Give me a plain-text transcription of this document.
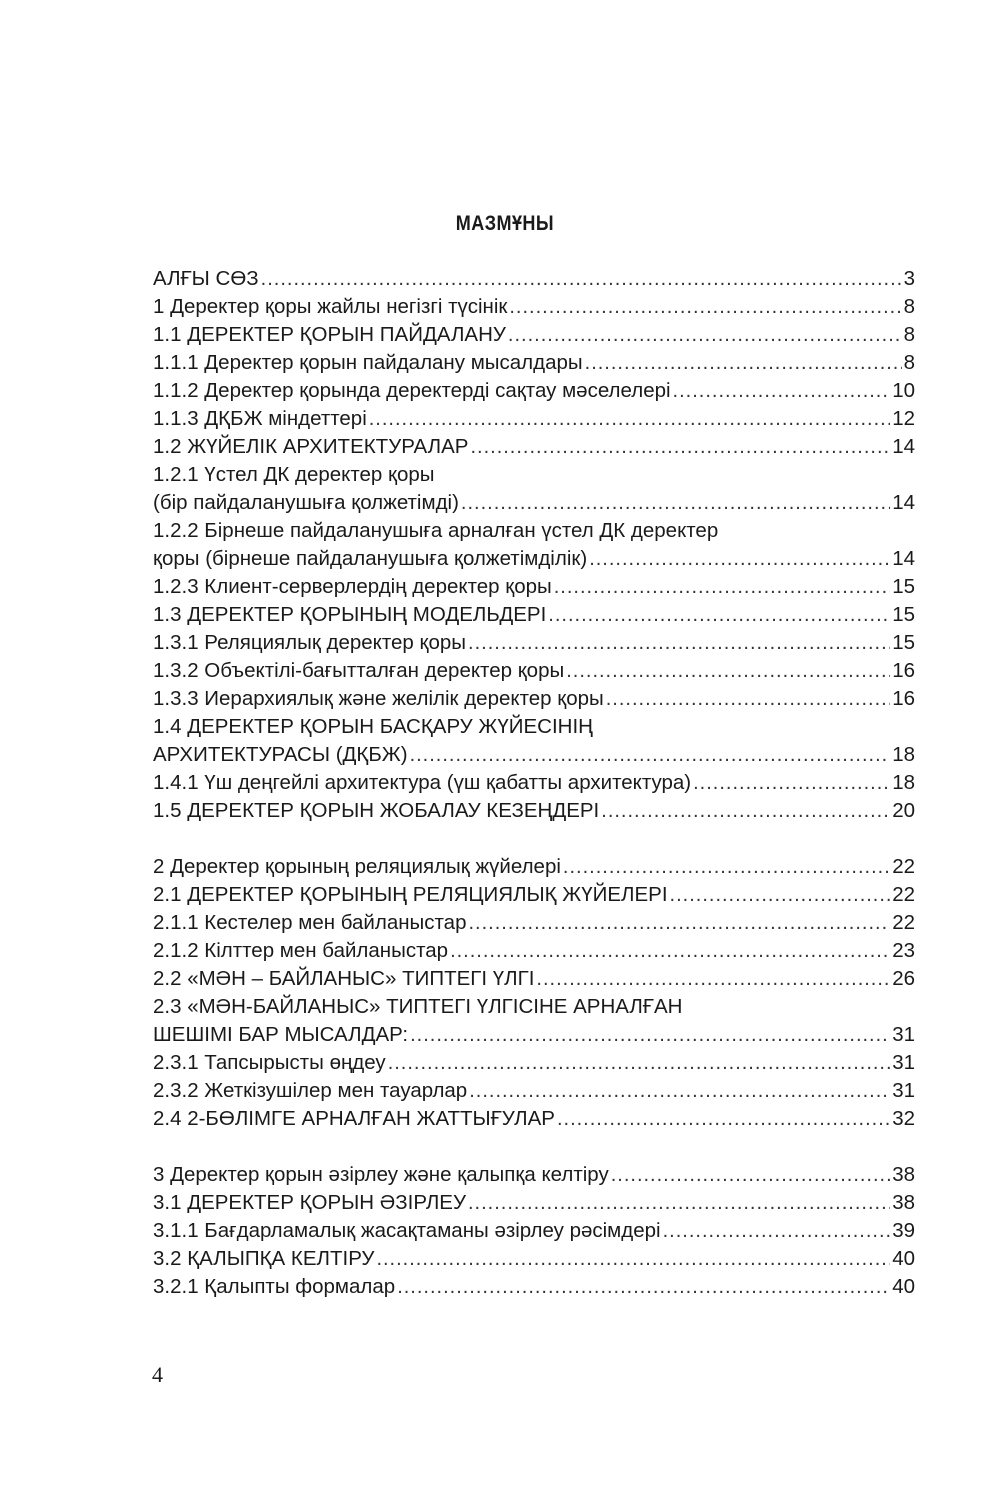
МАЗМҰНЫ
АЛҒЫ СӨЗ .....	3
1 Деректер қоры жайлы негізгі түсінік .....	8
1.1 ДЕРЕКТЕР ҚОРЫН ПАЙДАЛАНУ .....	8
1.1.1 Деректер қорын пайдалану мысалдары .....	8
1.1.2 Деректер қорында деректерді сақтау мәселелері .....	10
1.1.3 ДҚБЖ міндеттері .....	12
1.2 ЖҮЙЕЛІК АРХИТЕКТУРАЛАР .....	14
1.2.1 Үстел ДК деректер қоры
(бір пайдаланушыға қолжетімді) .....	14
1.2.2 Бірнеше пайдаланушыға арналған үстел ДК деректер
қоры (бірнеше пайдаланушыға қолжетімділік) .....	14
1.2.3 Клиент-серверлердің деректер қоры .....	15
1.3 ДЕРЕКТЕР ҚОРЫНЫҢ МОДЕЛЬДЕРІ .....	15
1.3.1 Реляциялық деректер қоры .....	15
1.3.2 Объектілі-бағытталған деректер қоры .....	16
1.3.3 Иерархиялық және желілік деректер қоры .....	16
1.4 ДЕРЕКТЕР ҚОРЫН БАСҚАРУ ЖҮЙЕСІНІҢ
АРХИТЕКТУРАСЫ (ДҚБЖ) .....	18
1.4.1 Үш деңгейлі архитектура (үш қабатты архитектура) .....	18
1.5 ДЕРЕКТЕР ҚОРЫН ЖОБАЛАУ КЕЗЕҢДЕРІ .....	20
2 Деректер қорының реляциялық жүйелері .....	22
2.1 ДЕРЕКТЕР ҚОРЫНЫҢ РЕЛЯЦИЯЛЫҚ ЖҮЙЕЛЕРІ .....	22
2.1.1 Кестелер мен байланыстар .....	22
2.1.2 Кілттер мен байланыстар .....	23
2.2 «МӘН – БАЙЛАНЫС» ТИПТЕГІ ҮЛГІ .....	26
2.3 «МӘН-БАЙЛАНЫС» ТИПТЕГІ ҮЛГІСІНЕ АРНАЛҒАН
ШЕШІМІ БАР МЫСАЛДАР: .....	31
2.3.1 Тапсырысты өңдеу .....	31
2.3.2 Жеткізушілер мен тауарлар .....	31
2.4 2-БӨЛІМГЕ АРНАЛҒАН ЖАТТЫҒУЛАР .....	32
3 Деректер қорын әзірлеу және қалыпқа келтіру .....	38
3.1 ДЕРЕКТЕР ҚОРЫН ӘЗІРЛЕУ .....	38
3.1.1 Бағдарламалық жасақтаманы әзірлеу рәсімдері .....	39
3.2 ҚАЛЫПҚА КЕЛТІРУ .....	40
3.2.1 Қалыпты формалар .....	40
4
